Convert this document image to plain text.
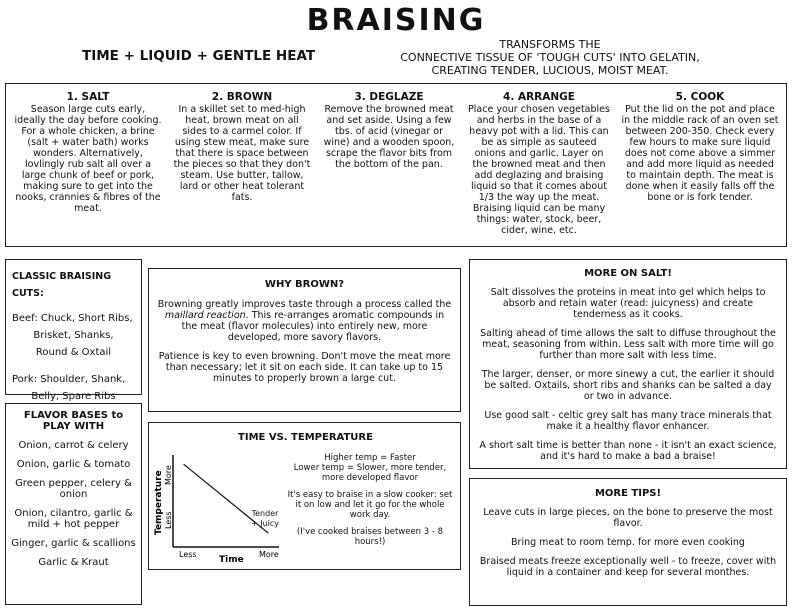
BRAISING
TIME + LIQUID + GENTLE HEAT
TRANSFORMS THE
CONNECTIVE TISSUE OF 'TOUGH CUTS' INTO GELATIN,
CREATING TENDER, LUCIOUS, MOIST MEAT.
1. SALT

Season large cuts early, ideally the day before cooking. For a whole chicken, a brine (salt + water bath) works wonders. Alternatively, lovlingly rub salt all over a large chunk of beef or pork, making sure to get into the nooks, crannies & fibres of the meat.

2. BROWN

In a skillet set to med-high heat, brown meat on all sides to a carmel color. If using stew meat, make sure that there is space between the pieces so that they don't steam. Use butter, tallow, lard or other heat tolerant fats.

3. DEGLAZE

Remove the browned meat and set aside. Using a few tbs. of acid (vinegar or wine) and a wooden spoon, scrape the flavor bits from the bottom of the pan.

4. ARRANGE

Place your chosen vegetables and herbs in the base of a heavy pot with a lid. This can be as simple as sauteed onions and garlic. Layer on the browned meat and then add deglazing and braising liquid so that it comes about 1/3 the way up the meat. Braising liquid can be many things: water, stock, beer, cider, wine, etc.

5. COOK

Put the lid on the pot and place in the middle rack of an oven set between 200-350. Check every few hours to make sure liquid does not come above a simmer and add more liquid as needed to maintain depth. The meat is done when it easily falls off the bone or is fork tender.

CLASSIC BRAISING CUTS:

Beef: Chuck, Short Ribs,

Brisket, Shanks,

Round & Oxtail

Pork: Shoulder, Shank,

Belly, Spare Ribs

FLAVOR BASES to PLAY WITH

Onion, carrot & celery

Onion, garlic & tomato

Green pepper, celery & onion

Onion, cilantro, garlic & mild + hot pepper

Ginger, garlic & scallions

Garlic & Kraut

WHY BROWN?

Browning greatly improves taste through a process called the maillard reaction. This re-arranges aromatic compounds in the meat (flavor molecules) into entirely new, more developed, more savory flavors.

Patience is key to even browning. Don't move the meat more than necessary; let it sit on each side. It can take up to 15 minutes to properly brown a large cut.

TIME VS. TEMPERATURE
Temperature More
Less
Less
Time
More
Tender + Juicy

Higher temp = Faster

Lower temp = Slower, more tender, more developed flavor

It's easy to braise in a slow cooker: set it on low and let it go for the whole work day.

(I've cooked braises between 3 - 8 hours!)

MORE ON SALT!

Salt dissolves the proteins in meat into gel which helps to absorb and retain water (read: juicyness) and create tenderness as it cooks.

Salting ahead of time allows the salt to diffuse throughout the meat, seasoning from within. Less salt with more time will go further than more salt with less time.

The larger, denser, or more sinewy a cut, the earlier it should be salted. Oxtails, short ribs and shanks can be salted a day or two in advance.

Use good salt - celtic grey salt has many trace minerals that make it a healthy flavor enhancer.

A short salt time is better than none - it isn't an exact science, and it's hard to make a bad a braise!

MORE TIPS!

Leave cuts in large pieces, on the bone to preserve the most flavor.

Bring meat to room temp. for more even cooking

Braised meats freeze exceptionally well - to freeze, cover with liquid in a container and keep for several monthes.
